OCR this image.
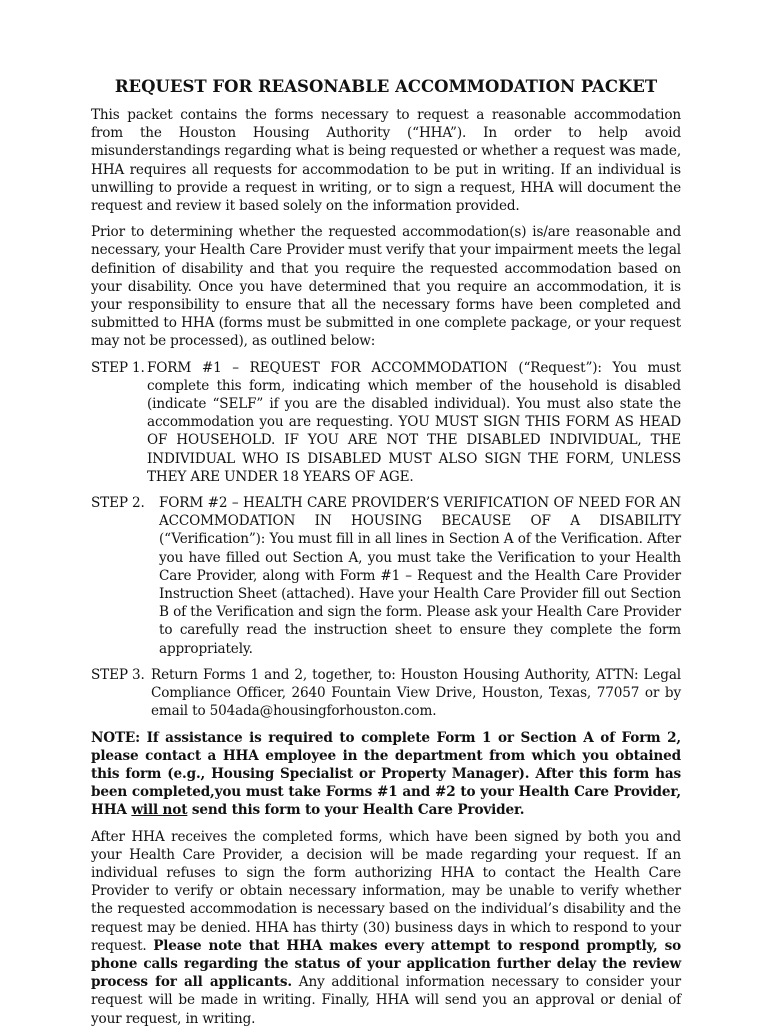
REQUEST FOR REASONABLE ACCOMMODATION PACKET

This packet contains the forms necessary to request a reasonable accommodation from the Houston Housing Authority (“HHA”). In order to help avoid misunderstandings regarding what is being requested or whether a request was made, HHA requires all requests for accommodation to be put in writing. If an individual is unwilling to provide a request in writing, or to sign a request, HHA will document the request and review it based solely on the information provided.

Prior to determining whether the requested accommodation(s) is/are reasonable and necessary, your Health Care Provider must verify that your impairment meets the legal definition of disability and that you require the requested accommodation based on your disability. Once you have determined that you require an accommodation, it is your responsibility to ensure that all the necessary forms have been completed and submitted to HHA (forms must be submitted in one complete package, or your request may not be processed), as outlined below:

STEP 1. FORM #1 – REQUEST FOR ACCOMMODATION (“Request”): You must complete this form, indicating which member of the household is disabled (indicate “SELF” if you are the disabled individual). You must also state the accommodation you are requesting. YOU MUST SIGN THIS FORM AS HEAD OF HOUSEHOLD. IF YOU ARE NOT THE DISABLED INDIVIDUAL, THE INDIVIDUAL WHO IS DISABLED MUST ALSO SIGN THE FORM, UNLESS THEY ARE UNDER 18 YEARS OF AGE.
STEP 2.	FORM #2 – HEALTH CARE PROVIDER’S VERIFICATION OF NEED FOR AN ACCOMMODATION IN HOUSING BECAUSE OF A DISABILITY (“Verification”): You must fill in all lines in Section A of the Verification. After you have filled out Section A, you must take the Verification to your Health Care Provider, along with Form #1 – Request and the Health Care Provider Instruction Sheet (attached). Have your Health Care Provider fill out Section B of the Verification and sign the form. Please ask your Health Care Provider to carefully read the instruction sheet to ensure they complete the form appropriately.
STEP 3. Return Forms 1 and 2, together, to: Houston Housing Authority, ATTN: Legal Compliance Officer, 2640 Fountain View Drive, Houston, Texas, 77057 or by email to 504ada@housingforhouston.com.
NOTE: If assistance is required to complete Form 1 or Section A of Form 2, please contact a HHA employee in the department from which you obtained this form (e.g., Housing Specialist or Property Manager). After this form has been completed,you must take Forms #1 and #2 to your Health Care Provider, HHA will not send this form to your Health Care Provider.

After HHA receives the completed forms, which have been signed by both you and your Health Care Provider, a decision will be made regarding your request. If an individual refuses to sign the form authorizing HHA to contact the Health Care Provider to verify or obtain necessary information, may be unable to verify whether the requested accommodation is necessary based on the individual’s disability and the request may be denied. HHA has thirty (30) business days in which to respond to your request. Please note that HHA makes every attempt to respond promptly, so phone calls regarding the status of your application further delay the review process for all applicants. Any additional information necessary to consider your request will be made in writing. Finally, HHA will send you an approval or denial of your request, in writing.
